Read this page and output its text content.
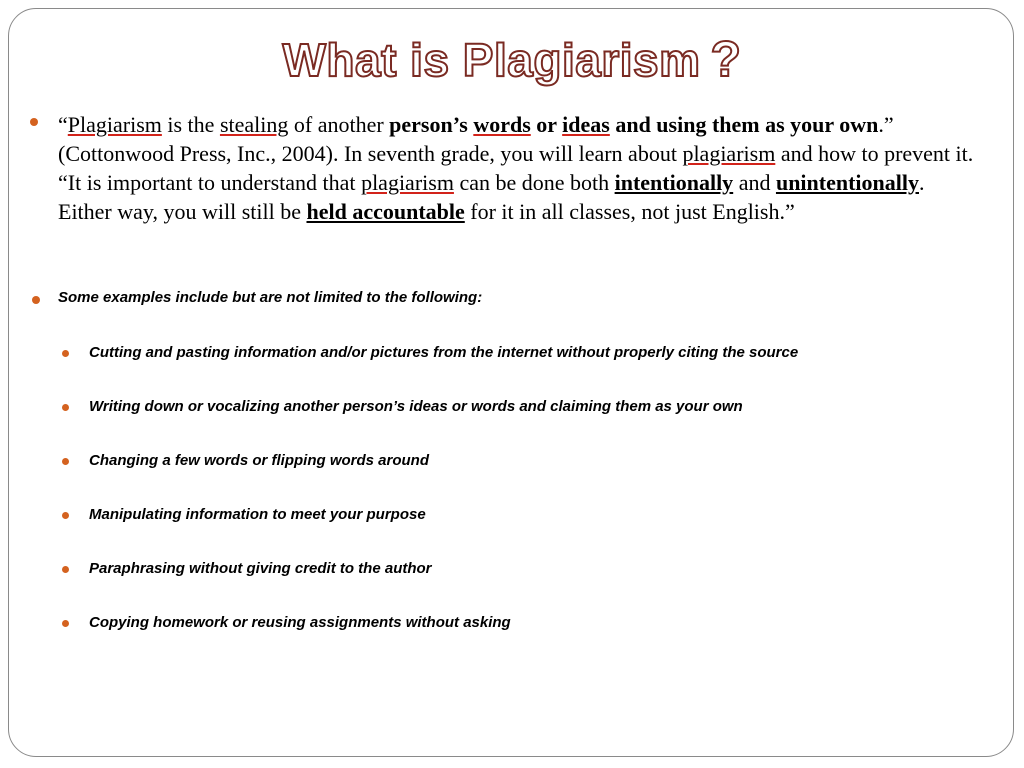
What is Plagiarism ?
“Plagiarism is the stealing of another person’s words or ideas and using them as your own.” (Cottonwood Press, Inc., 2004). In seventh grade, you will learn about plagiarism and how to prevent it. “It is important to understand that plagiarism can be done both intentionally and unintentionally. Either way, you will still be held accountable for it in all classes, not just English.”
Some examples include but are not limited to the following:
Cutting and pasting information and/or pictures from the internet without properly citing the source
Writing down or vocalizing another person’s ideas or words and claiming them as your own
Changing a few words or flipping words around
Manipulating information to meet your purpose
Paraphrasing without giving credit to the author
Copying homework or reusing assignments without asking
